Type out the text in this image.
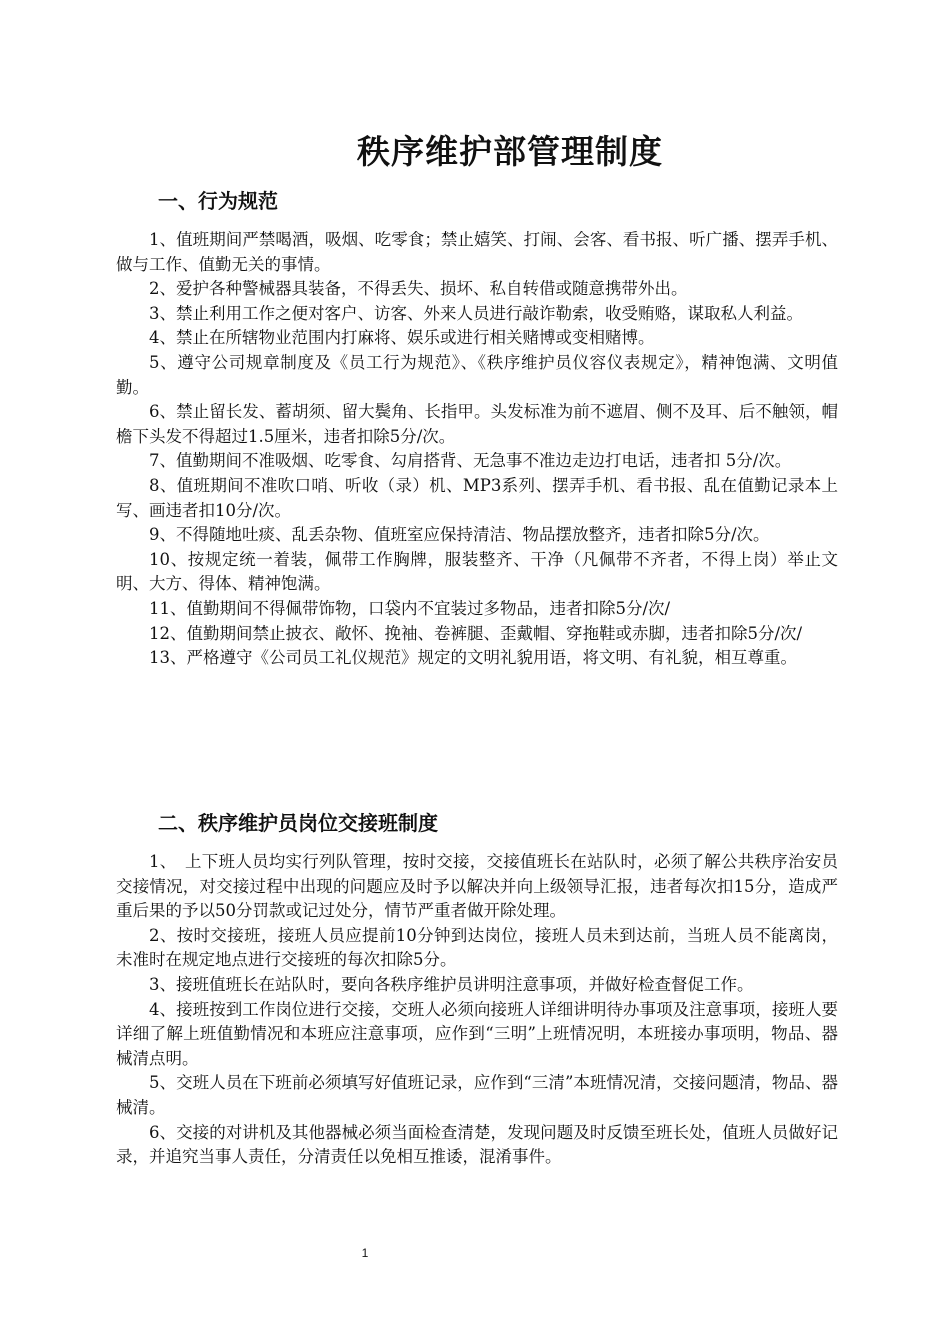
秩序维护部管理制度
一、行为规范

1、值班期间严禁喝酒，吸烟、吃零食；禁止嬉笑、打闹、会客、看书报、听广播、摆弄手机、做与工作、值勤无关的事情。

2、爱护各种警械器具装备，不得丢失、损坏、私自转借或随意携带外出。

3、禁止利用工作之便对客户、访客、外来人员进行敲诈勒索，收受贿赂，谋取私人利益。

4、禁止在所辖物业范围内打麻将、娱乐或进行相关赌博或变相赌博。

5、遵守公司规章制度及《员工行为规范》、《秩序维护员仪容仪表规定》，精神饱满、文明值勤。

6、禁止留长发、蓄胡须、留大鬓角、长指甲。头发标准为前不遮眉、侧不及耳、后不触领，帽檐下头发不得超过1.5厘米，违者扣除5分/次。

7、值勤期间不准吸烟、吃零食、勾肩搭背、无急事不准边走边打电话，违者扣 5分/次。

8、值班期间不准吹口哨、听收（录）机、MP3系列、摆弄手机、看书报、乱在值勤记录本上写、画违者扣10分/次。

9、不得随地吐痰、乱丢杂物、值班室应保持清洁、物品摆放整齐，违者扣除5分/次。

10、按规定统一着装，佩带工作胸牌，服装整齐、干净（凡佩带不齐者，不得上岗）举止文明、大方、得体、精神饱满。

11、值勤期间不得佩带饰物，口袋内不宜装过多物品，违者扣除5分/次/

12、值勤期间禁止披衣、敞怀、挽袖、卷裤腿、歪戴帽、穿拖鞋或赤脚，违者扣除5分/次/

13、严格遵守《公司员工礼仪规范》规定的文明礼貌用语，将文明、有礼貌，相互尊重。

二、秩序维护员岗位交接班制度

1、　上下班人员均实行列队管理，按时交接，交接值班长在站队时，必须了解公共秩序治安员交接情况，对交接过程中出现的问题应及时予以解决并向上级领导汇报，违者每次扣15分，造成严重后果的予以50分罚款或记过处分，情节严重者做开除处理。

2、按时交接班，接班人员应提前10分钟到达岗位，接班人员未到达前，当班人员不能离岗，未准时在规定地点进行交接班的每次扣除5分。

3、接班值班长在站队时，要向各秩序维护员讲明注意事项，并做好检查督促工作。

4、接班按到工作岗位进行交接，交班人必须向接班人详细讲明待办事项及注意事项，接班人要详细了解上班值勤情况和本班应注意事项，应作到“三明”上班情况明，本班接办事项明，物品、器械清点明。

5、交班人员在下班前必须填写好值班记录，应作到“三清”本班情况清，交接问题清，物品、器械清。

6、交接的对讲机及其他器械必须当面检查清楚，发现问题及时反馈至班长处，值班人员做好记录，并追究当事人责任，分清责任以免相互推诿，混淆事件。

1
